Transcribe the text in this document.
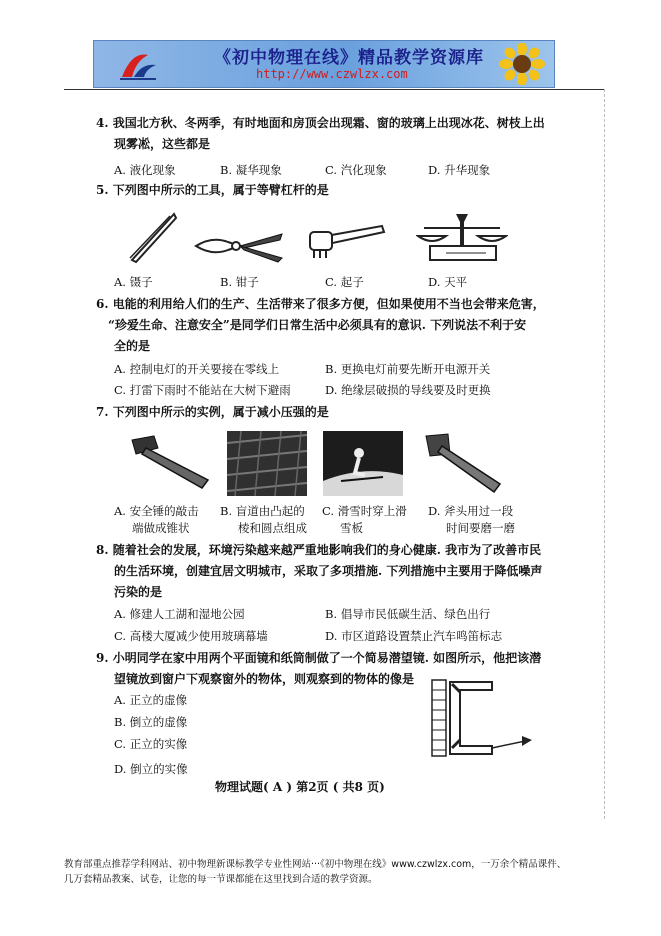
《初中物理在线》精品教学资源库
http://www.czwlzx.com
4. 我国北方秋、冬两季，有时地面和房顶会出现霜、窗的玻璃上出现冰花、树枝上出
现雾凇，这些都是
A. 液化现象	B. 凝华现象	C. 汽化现象	D. 升华现象
5. 下列图中所示的工具，属于等臂杠杆的是
A. 镊子	B. 钳子	C. 起子	D. 天平
6. 电能的利用给人们的生产、生活带来了很多方便，但如果使用不当也会带来危害，
“珍爱生命、注意安全”是同学们日常生活中必须具有的意识. 下列说法不利于安
全的是
A. 控制电灯的开关要接在零线上	B. 更换电灯前要先断开电源开关
C. 打雷下雨时不能站在大树下避雨	D. 绝缘层破损的导线要及时更换
7. 下列图中所示的实例，属于减小压强的是
A. 安全锤的敲击
端做成锥状
B. 盲道由凸起的
棱和圆点组成
C. 滑雪时穿上滑
雪板
D. 斧头用过一段
时间要磨一磨
8. 随着社会的发展，环境污染越来越严重地影响我们的身心健康. 我市为了改善市民
的生活环境，创建宜居文明城市，采取了多项措施. 下列措施中主要用于降低噪声
污染的是
A. 修建人工湖和湿地公园	B. 倡导市民低碳生活、绿色出行
C. 高楼大厦减少使用玻璃幕墙	D. 市区道路设置禁止汽车鸣笛标志
9. 小明同学在家中用两个平面镜和纸筒制做了一个简易潜望镜. 如图所示，他把该潜
望镜放到窗户下观察窗外的物体，则观察到的物体的像是
A. 正立的虚像
B. 倒立的虚像
C. 正立的实像
D. 倒立的实像
物理试题( A ) 第2页 ( 共8 页)
教育部重点推荐学科网站、初中物理新课标教学专业性网站···《初中物理在线》www.czwlzx.com，一万余个精品课件、
几万套精品教案、试卷，让您的每一节课都能在这里找到合适的教学资源。
